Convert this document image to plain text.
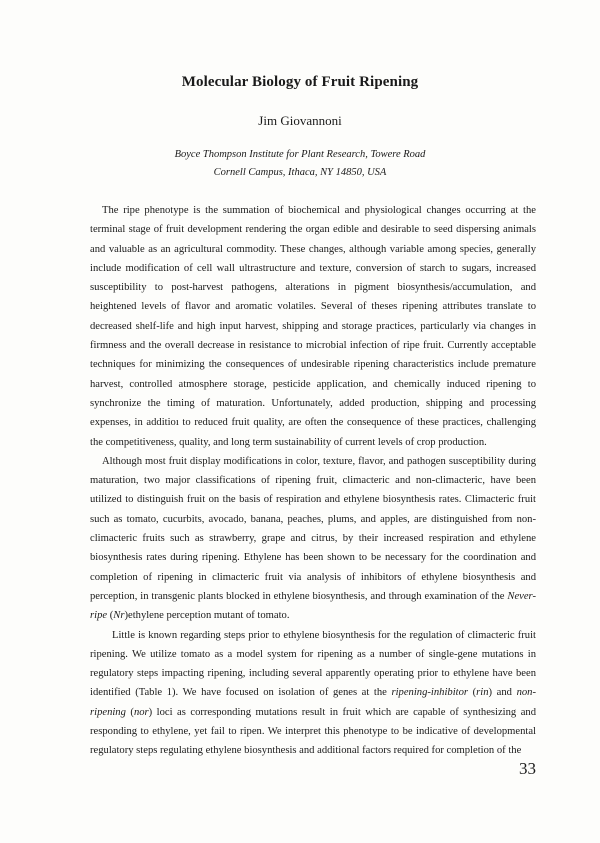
Molecular Biology of Fruit Ripening
Jim Giovannoni
Boyce Thompson Institute for Plant Research, Towere Road
Cornell Campus, Ithaca, NY 14850, USA

The ripe phenotype is the summation of biochemical and physiological changes occurring at the terminal stage of fruit development rendering the organ edible and desirable to seed dispersing animals and valuable as an agricultural commodity. These changes, although variable among species, generally include modification of cell wall ultrastructure and texture, conversion of starch to sugars, increased susceptibility to post-harvest pathogens, alterations in pigment biosynthesis/accumulation, and heightened levels of flavor and aromatic volatiles. Several of theses ripening attributes translate to decreased shelf-life and high input harvest, shipping and storage practices, particularly via changes in firmness and the overall decrease in resistance to microbial infection of ripe fruit. Currently acceptable techniques for minimizing the consequences of undesirable ripening characteristics include premature harvest, controlled atmosphere storage, pesticide application, and chemically induced ripening to synchronize the timing of maturation. Unfortunately, added production, shipping and processing expenses, in additioı to reduced fruit quality, are often the consequence of these practices, challenging the competitiveness, quality, and long term sustainability of current levels of crop production.

Although most fruit display modifications in color, texture, flavor, and pathogen susceptibility during maturation, two major classifications of ripening fruit, climacteric and non-climacteric, have been utilized to distinguish fruit on the basis of respiration and ethylene biosynthesis rates. Climacteric fruit such as tomato, cucurbits, avocado, banana, peaches, plums, and apples, are distinguished from non-climacteric fruits such as strawberry, grape and citrus, by their increased respiration and ethylene biosynthesis rates during ripening. Ethylene has been shown to be necessary for the coordination and completion of ripening in climacteric fruit via analysis of inhibitors of ethylene biosynthesis and perception, in transgenic plants blocked in ethylene biosynthesis, and through examination of the Never-ripe (Nr)ethylene perception mutant of tomato.

Little is known regarding steps prior to ethylene biosynthesis for the regulation of climacteric fruit ripening. We utilize tomato as a model system for ripening as a number of single-gene mutations in regulatory steps impacting ripening, including several apparently operating prior to ethylene have been identified (Table 1). We have focused on isolation of genes at the ripening-inhibitor (rin) and non-ripening (nor) loci as corresponding mutations result in fruit which are capable of synthesizing and responding to ethylene, yet fail to ripen. We interpret this phenotype to be indicative of developmental regulatory steps regulating ethylene biosynthesis and additional factors required for completion of the

33
